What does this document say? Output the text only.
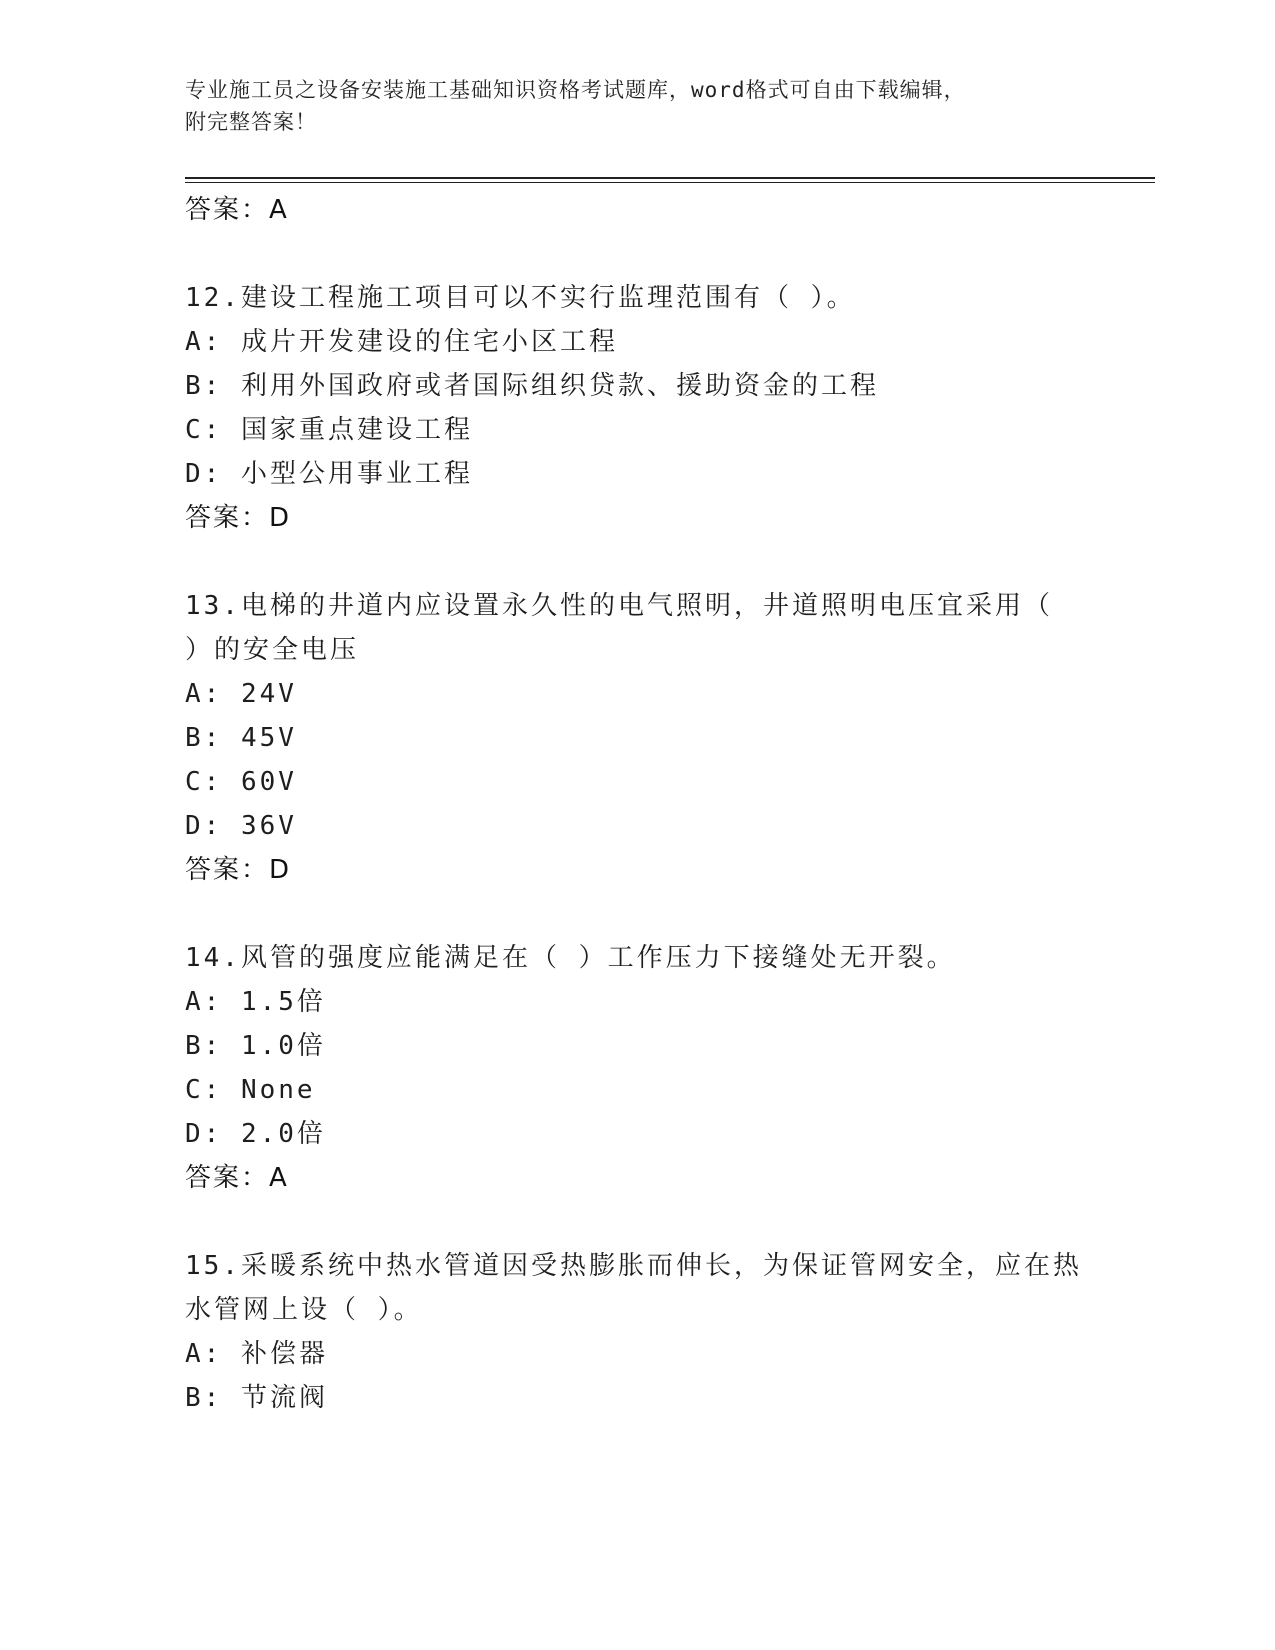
专业施工员之设备安装施工基础知识资格考试题库，word格式可自由下载编辑，
附完整答案！
答案：A
12.建设工程施工项目可以不实行监理范围有（ ）。
A: 成片开发建设的住宅小区工程
B: 利用外国政府或者国际组织贷款、援助资金的工程
C: 国家重点建设工程
D: 小型公用事业工程
答案：D
13.电梯的井道内应设置永久性的电气照明，井道照明电压宜采用（
）的安全电压
A: 24V
B: 45V
C: 60V
D: 36V
答案：D
14.风管的强度应能满足在（ ）工作压力下接缝处无开裂。
A: 1.5倍
B: 1.0倍
C: None
D: 2.0倍
答案：A
15.采暖系统中热水管道因受热膨胀而伸长，为保证管网安全，应在热
水管网上设（ ）。
A: 补偿器
B: 节流阀
